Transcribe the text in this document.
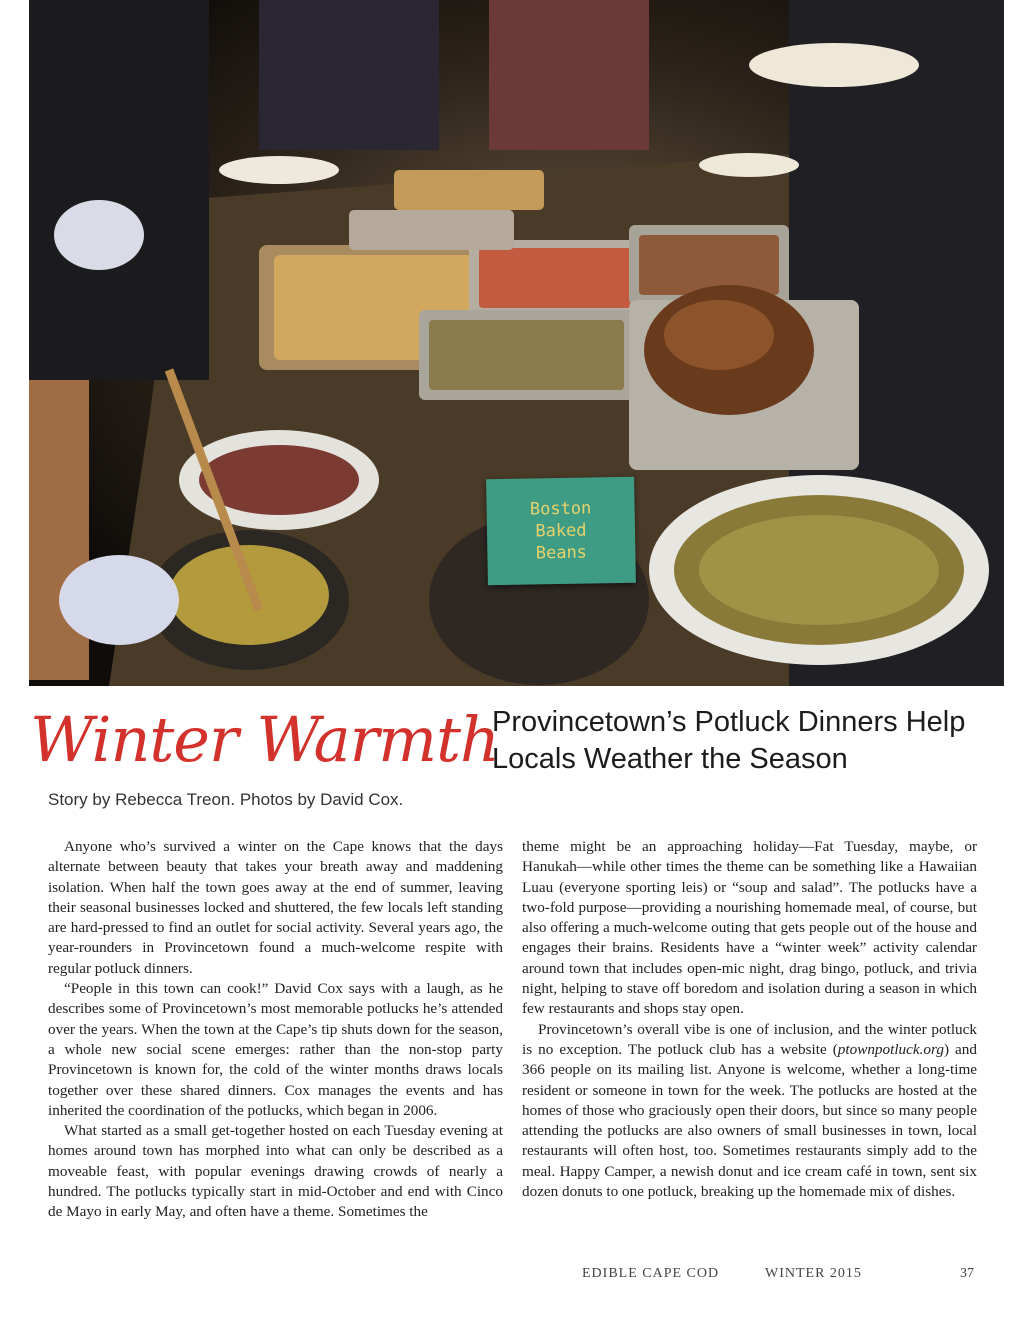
Boston
Baked
Beans
Winter Warmth
Provincetown’s Potluck Dinners Help Locals Weather the Season
Story by Rebecca Treon. Photos by David Cox.

Anyone who’s survived a winter on the Cape knows that the days alternate between beauty that takes your breath away and maddening isolation. When half the town goes away at the end of summer, leaving their seasonal businesses locked and shuttered, the few locals left standing are hard-pressed to find an outlet for social activity. Several years ago, the year-rounders in Provincetown found a much-welcome respite with regular potluck dinners.

“People in this town can cook!” David Cox says with a laugh, as he describes some of Provincetown’s most memorable potlucks he’s attended over the years. When the town at the Cape’s tip shuts down for the season, a whole new social scene emerges: rather than the non-stop party Provincetown is known for, the cold of the winter months draws locals together over these shared dinners. Cox manages the events and has inherited the coordination of the potlucks, which began in 2006.

What started as a small get-together hosted on each Tuesday evening at homes around town has morphed into what can only be described as a moveable feast, with popular evenings drawing crowds of nearly a hundred. The potlucks typically start in mid-October and end with Cinco de Mayo in early May, and often have a theme. Sometimes the

theme might be an approaching holiday—Fat Tuesday, maybe, or Hanukah—while other times the theme can be something like a Hawaiian Luau (everyone sporting leis) or “soup and salad”. The potlucks have a two-fold purpose—providing a nourishing homemade meal, of course, but also offering a much-welcome outing that gets people out of the house and engages their brains. Residents have a “winter week” activity calendar around town that includes open-mic night, drag bingo, potluck, and trivia night, helping to stave off boredom and isolation during a season in which few restaurants and shops stay open.

Provincetown’s overall vibe is one of inclusion, and the winter potluck is no exception. The potluck club has a website (ptownpotluck.org) and 366 people on its mailing list. Anyone is welcome, whether a long-time resident or someone in town for the week. The potlucks are hosted at the homes of those who graciously open their doors, but since so many people attending the potlucks are also owners of small businesses in town, local restaurants will often host, too. Sometimes restaurants simply add to the meal. Happy Camper, a newish donut and ice cream café in town, sent six dozen donuts to one potluck, breaking up the homemade mix of dishes.

EDIBLE CAPE COD	WINTER 2015	37
